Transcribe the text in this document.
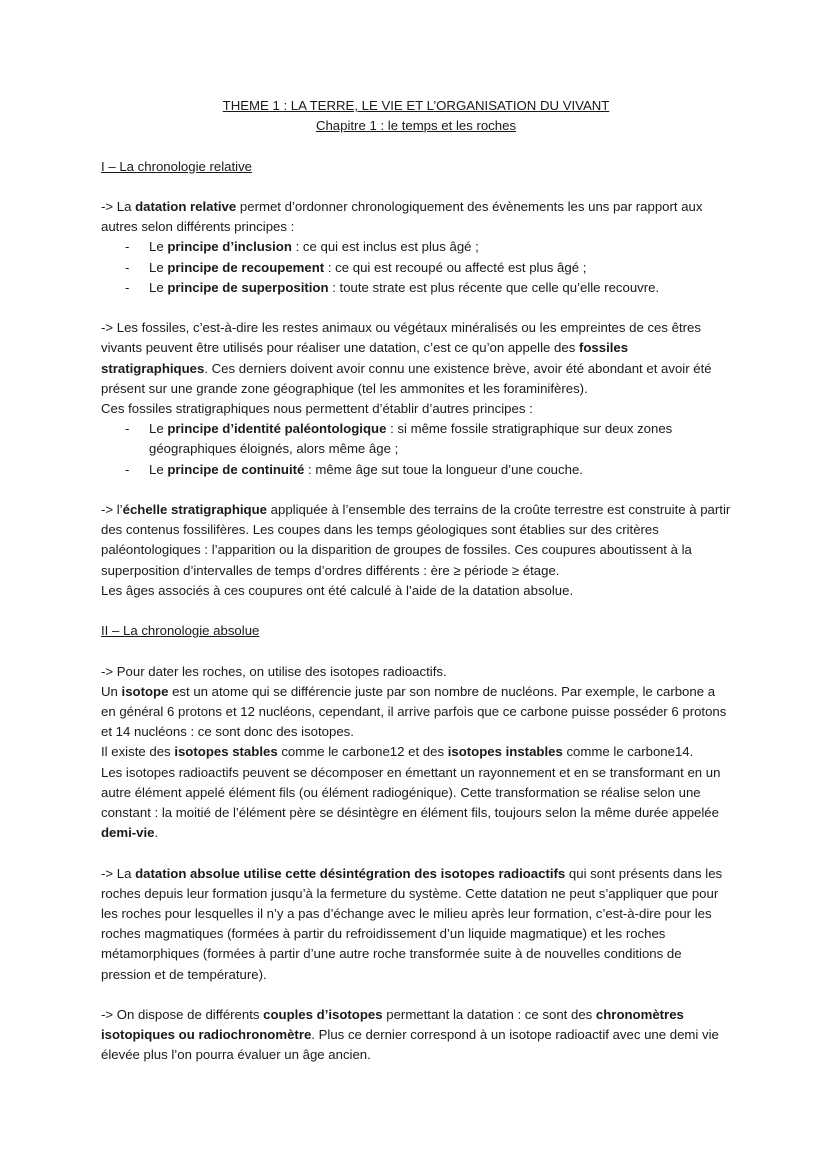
THEME 1 : LA TERRE, LE VIE ET L’ORGANISATION DU VIVANT

Chapitre 1 : le temps et les roches

I – La chronologie relative

-> La datation relative permet d’ordonner chronologiquement des évènements les uns par rapport aux autres selon différents principes :

- Le principe d’inclusion : ce qui est inclus est plus âgé ;
- Le principe de recoupement : ce qui est recoupé ou affecté est plus âgé ;
- Le principe de superposition : toute strate est plus récente que celle qu’elle recouvre.

-> Les fossiles, c’est-à-dire les restes animaux ou végétaux minéralisés ou les empreintes de ces êtres vivants peuvent être utilisés pour réaliser une datation, c’est ce qu’on appelle des fossiles stratigraphiques. Ces derniers doivent avoir connu une existence brève, avoir été abondant et avoir été présent sur une grande zone géographique (tel les ammonites et les foraminifères).

Ces fossiles stratigraphiques nous permettent d’établir d’autres principes :

- Le principe d’identité paléontologique : si même fossile stratigraphique sur deux zones géographiques éloignés, alors même âge ;
- Le principe de continuité : même âge sut toue la longueur d’une couche.

-> l’échelle stratigraphique appliquée à l’ensemble des terrains de la croûte terrestre est construite à partir des contenus fossilifères. Les coupes dans les temps géologiques sont établies sur des critères paléontologiques : l’apparition ou la disparition de groupes de fossiles. Ces coupures aboutissent à la superposition d’intervalles de temps d’ordres différents : ère ≥ période ≥ étage.

Les âges associés à ces coupures ont été calculé à l’aide de la datation absolue.

II – La chronologie absolue

-> Pour dater les roches, on utilise des isotopes radioactifs.

Un isotope est un atome qui se différencie juste par son nombre de nucléons. Par exemple, le carbone a en général 6 protons et 12 nucléons, cependant, il arrive parfois que ce carbone puisse posséder 6 protons et 14 nucléons : ce sont donc des isotopes.

Il existe des isotopes stables comme le carbone12 et des isotopes instables comme le carbone14.

Les isotopes radioactifs peuvent se décomposer en émettant un rayonnement et en se transformant en un autre élément appelé élément fils (ou élément radiogénique). Cette transformation se réalise selon une constant : la moitié de l’élément père se désintègre en élément fils, toujours selon la même durée appelée demi-vie.

-> La datation absolue utilise cette désintégration des isotopes radioactifs qui sont présents dans les roches depuis leur formation jusqu’à la fermeture du système. Cette datation ne peut s’appliquer que pour les roches pour lesquelles il n’y a pas d’échange avec le milieu après leur formation, c’est-à-dire pour les roches magmatiques (formées à partir du refroidissement d’un liquide magmatique) et les roches métamorphiques (formées à partir d’une autre roche transformée suite à de nouvelles conditions de pression et de température).

-> On dispose de différents couples d’isotopes permettant la datation : ce sont des chronomètres isotopiques ou radiochronomètre. Plus ce dernier correspond à un isotope radioactif avec une demi vie élevée plus l’on pourra évaluer un âge ancien.
